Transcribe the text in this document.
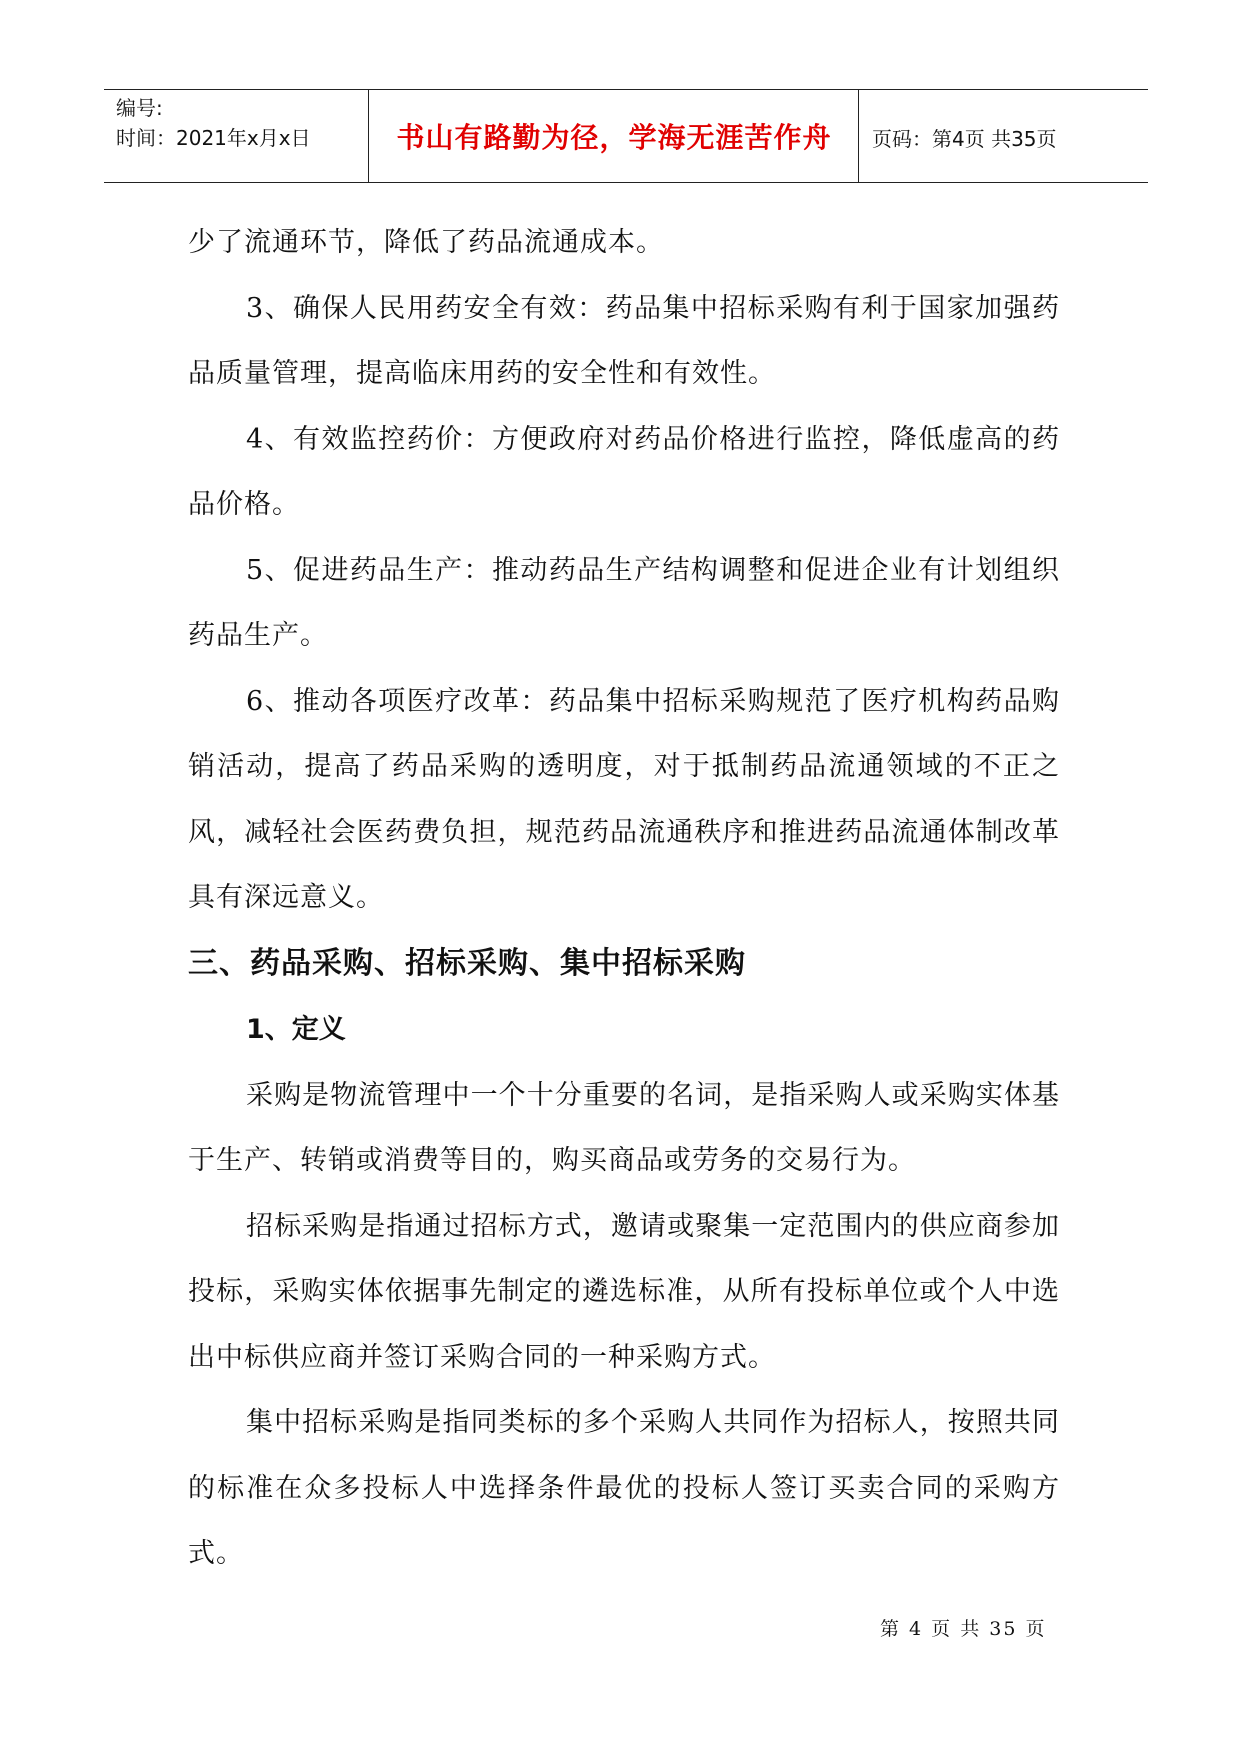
编号:
时间：2021年x月x日	书山有路勤为径，学海无涯苦作舟	页码：第4页 共35页

少了流通环节，降低了药品流通成本。

3、确保人民用药安全有效：药品集中招标采购有利于国家加强药品质量管理，提高临床用药的安全性和有效性。

4、有效监控药价：方便政府对药品价格进行监控，降低虚高的药品价格。

5、促进药品生产：推动药品生产结构调整和促进企业有计划组织药品生产。

6、推动各项医疗改革：药品集中招标采购规范了医疗机构药品购销活动，提高了药品采购的透明度，对于抵制药品流通领域的不正之风，减轻社会医药费负担，规范药品流通秩序和推进药品流通体制改革具有深远意义。

三、药品采购、招标采购、集中招标采购
1、定义

采购是物流管理中一个十分重要的名词，是指采购人或采购实体基于生产、转销或消费等目的，购买商品或劳务的交易行为。

招标采购是指通过招标方式，邀请或聚集一定范围内的供应商参加投标，采购实体依据事先制定的遴选标准，从所有投标单位或个人中选出中标供应商并签订采购合同的一种采购方式。

集中招标采购是指同类标的多个采购人共同作为招标人，按照共同的标准在众多投标人中选择条件最优的投标人签订买卖合同的采购方式。

第 4 页 共 35 页
